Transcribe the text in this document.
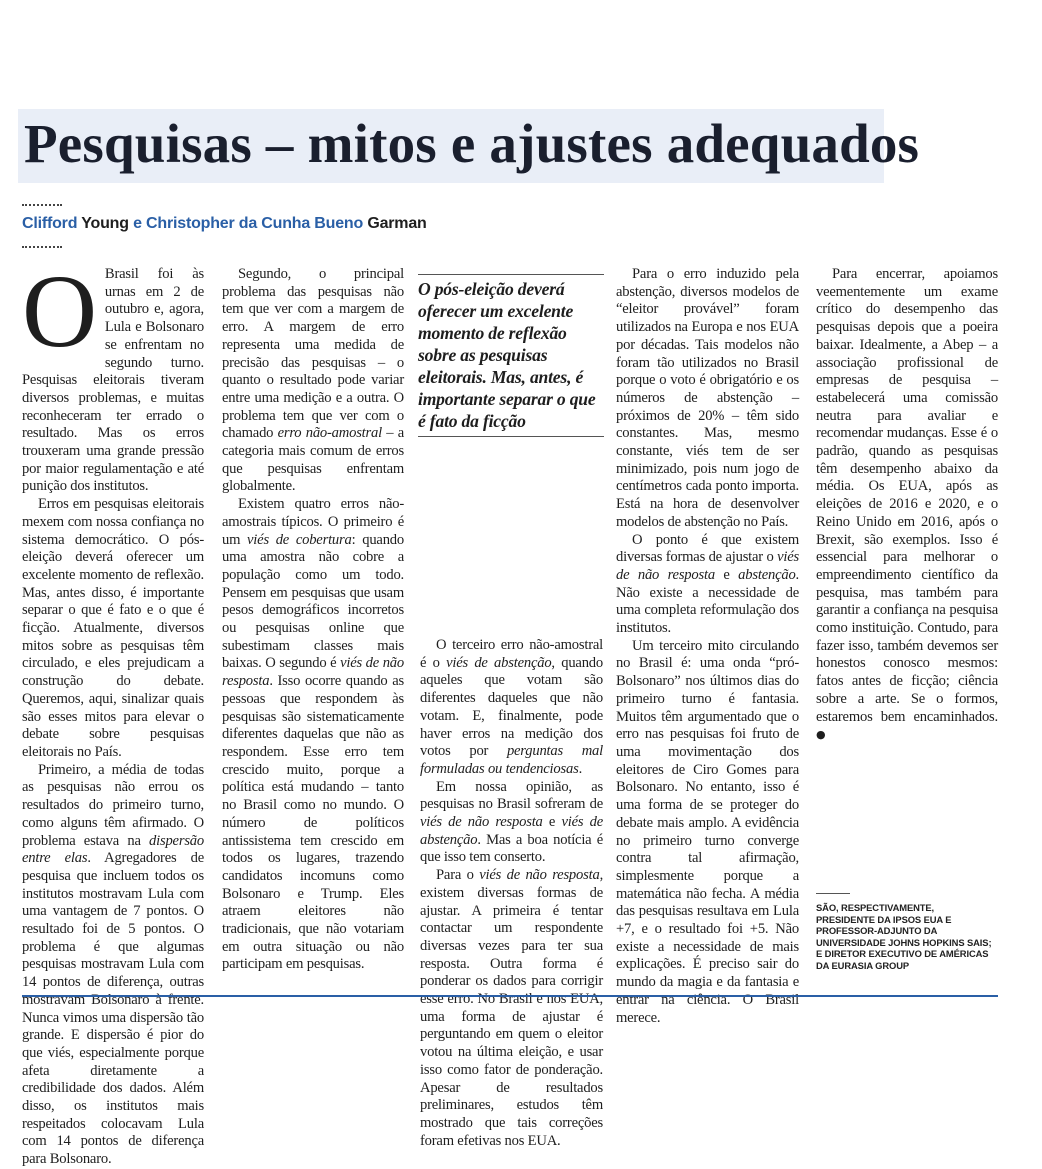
Pesquisas – mitos e ajustes adequados
Clifford Young e Christopher da Cunha Bueno Garman

O Brasil foi às urnas em 2 de outubro e, agora, Lula e Bolsonaro se enfrentam no segundo turno. Pesquisas eleitorais tiveram diversos problemas, e muitas reconheceram ter errado o resultado. Mas os erros trouxeram uma grande pressão por maior regulamentação e até punição dos institutos.

Erros em pesquisas eleitorais mexem com nossa confiança no sistema democrático. O pós-eleição deverá oferecer um excelente momento de reflexão. Mas, antes disso, é importante separar o que é fato e o que é ficção. Atualmente, diversos mitos sobre as pesquisas têm circulado, e eles prejudicam a construção do debate. Queremos, aqui, sinalizar quais são esses mitos para elevar o debate sobre pesquisas eleitorais no País.

Primeiro, a média de todas as pesquisas não errou os resultados do primeiro turno, como alguns têm afirmado. O problema estava na dispersão entre elas. Agregadores de pesquisa que incluem todos os institutos mostravam Lula com uma vantagem de 7 pontos. O resultado foi de 5 pontos. O problema é que algumas pesquisas mostravam Lula com 14 pontos de diferença, outras mostravam Bolsonaro à frente. Nunca vimos uma dispersão tão grande. E dispersão é pior do que viés, especialmente porque afeta diretamente a credibilidade dos dados. Além disso, os institutos mais respeitados colocavam Lula com 14 pontos de diferença para Bolsonaro.

Segundo, o principal problema das pesquisas não tem que ver com a margem de erro. A margem de erro representa uma medida de precisão das pesquisas – o quanto o resultado pode variar entre uma medição e a outra. O problema tem que ver com o chamado erro não-amostral – a categoria mais comum de erros que pesquisas enfrentam globalmente.

Existem quatro erros não-amostrais típicos. O primeiro é um viés de cobertura: quando uma amostra não cobre a população como um todo. Pensem em pesquisas que usam pesos demográficos incorretos ou pesquisas online que subestimam classes mais baixas. O segundo é viés de não resposta. Isso ocorre quando as pessoas que respondem às pesquisas são sistematicamente diferentes daquelas que não as respondem. Esse erro tem crescido muito, porque a política está mudando – tanto no Brasil como no mundo. O número de políticos antissistema tem crescido em todos os lugares, trazendo candidatos incomuns como Bolsonaro e Trump. Eles atraem eleitores não tradicionais, que não votariam em outra situação ou não participam em pesquisas.

O pós-eleição deverá oferecer um excelente momento de reflexão sobre as pesquisas eleitorais. Mas, antes, é importante separar o que é fato da ficção

O terceiro erro não-amostral é o viés de abstenção, quando aqueles que votam são diferentes daqueles que não votam. E, finalmente, pode haver erros na medição dos votos por perguntas mal formuladas ou tendenciosas.

Em nossa opinião, as pesquisas no Brasil sofreram de viés de não resposta e viés de abstenção. Mas a boa notícia é que isso tem conserto.

Para o viés de não resposta, existem diversas formas de ajustar. A primeira é tentar contactar um respondente diversas vezes para ter sua resposta. Outra forma é ponderar os dados para corrigir esse erro. No Brasil e nos EUA, uma forma de ajustar é perguntando em quem o eleitor votou na última eleição, e usar isso como fator de ponderação. Apesar de resultados preliminares, estudos têm mostrado que tais correções foram efetivas nos EUA.

Para o erro induzido pela abstenção, diversos modelos de “eleitor provável” foram utilizados na Europa e nos EUA por décadas. Tais modelos não foram tão utilizados no Brasil porque o voto é obrigatório e os números de abstenção – próximos de 20% – têm sido constantes. Mas, mesmo constante, viés tem de ser minimizado, pois num jogo de centímetros cada ponto importa. Está na hora de desenvolver modelos de abstenção no País.

O ponto é que existem diversas formas de ajustar o viés de não resposta e abstenção. Não existe a necessidade de uma completa reformulação dos institutos.

Um terceiro mito circulando no Brasil é: uma onda “pró-Bolsonaro” nos últimos dias do primeiro turno é fantasia. Muitos têm argumentado que o erro nas pesquisas foi fruto de uma movimentação dos eleitores de Ciro Gomes para Bolsonaro. No entanto, isso é uma forma de se proteger do debate mais amplo. A evidência no primeiro turno converge contra tal afirmação, simplesmente porque a matemática não fecha. A média das pesquisas resultava em Lula +7, e o resultado foi +5. Não existe a necessidade de mais explicações. É preciso sair do mundo da magia e da fantasia e entrar na ciência. O Brasil merece.

Para encerrar, apoiamos veementemente um exame crítico do desempenho das pesquisas depois que a poeira baixar. Idealmente, a Abep – a associação profissional de empresas de pesquisa – estabelecerá uma comissão neutra para avaliar e recomendar mudanças. Esse é o padrão, quando as pesquisas têm desempenho abaixo da média. Os EUA, após as eleições de 2016 e 2020, e o Reino Unido em 2016, após o Brexit, são exemplos. Isso é essencial para melhorar o empreendimento científico da pesquisa, mas também para garantir a confiança na pesquisa como instituição. Contudo, para fazer isso, também devemos ser honestos conosco mesmos: fatos antes de ficção; ciência sobre a arte. Se o formos, estaremos bem encaminhados. ●

SÃO, RESPECTIVAMENTE, PRESIDENTE DA IPSOS EUA E PROFESSOR-ADJUNTO DA UNIVERSIDADE JOHNS HOPKINS SAIS; E DIRETOR EXECUTIVO DE AMÉRICAS DA EURASIA GROUP
